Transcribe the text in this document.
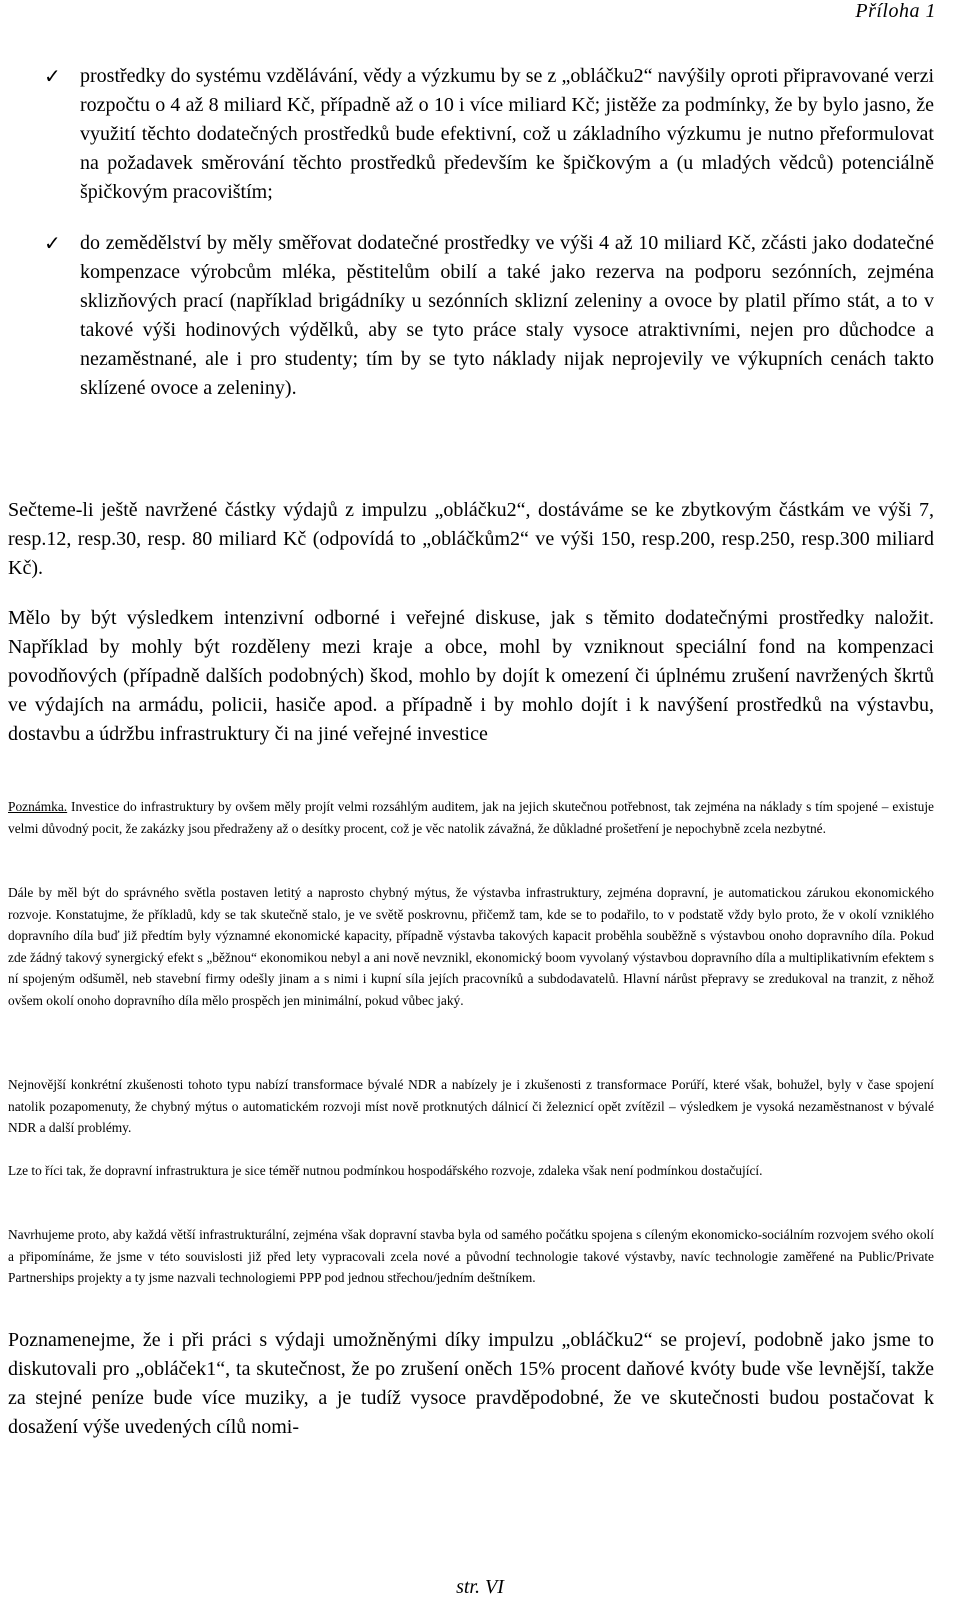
Příloha 1
✓ prostředky do systému vzdělávání, vědy a výzkumu by se z „obláčku2“ navýšily oproti připravované verzi rozpočtu o 4 až 8 miliard Kč, případně až o 10 i více miliard Kč; jistěže za podmínky, že by bylo jasno, že využití těchto dodatečných prostředků bude efektivní, což u základního výzkumu je nutno přeformulovat na požadavek směrování těchto prostředků především ke špičkovým a (u mladých vědců) potenciálně špičkovým pracovištím;
✓ do zemědělství by měly směřovat dodatečné prostředky ve výši 4 až 10 miliard Kč, zčásti jako dodatečné kompenzace výrobcům mléka, pěstitelům obilí a také jako rezerva na podporu sezónních, zejména sklizňových prací (například brigádníky u sezónních sklizní zeleniny a ovoce by platil přímo stát, a to v takové výši hodinových výdělků, aby se tyto práce staly vysoce atraktivními, nejen pro důchodce a nezaměstnané, ale i pro studenty; tím by se tyto náklady nijak neprojevily ve výkupních cenách takto sklízené ovoce a zeleniny).
Sečteme-li ještě navržené částky výdajů z impulzu „obláčku2“, dostáváme se ke zbytkovým částkám ve výši 7, resp.12, resp.30, resp. 80 miliard Kč (odpovídá to „obláčkům2“ ve výši 150, resp.200, resp.250, resp.300 miliard Kč).
Mělo by být výsledkem intenzivní odborné i veřejné diskuse, jak s těmito dodatečnými prostředky naložit. Například by mohly být rozděleny mezi kraje a obce, mohl by vzniknout speciální fond na kompenzaci povodňových (případně dalších podobných) škod, mohlo by dojít k omezení či úplnému zrušení navržených škrtů ve výdajích na armádu, policii, hasiče apod. a případně i by mohlo dojít i k navýšení prostředků na výstavbu, dostavbu a údržbu infrastruktury či na jiné veřejné investice
Poznámka. Investice do infrastruktury by ovšem měly projít velmi rozsáhlým auditem, jak na jejich skutečnou potřebnost, tak zejména na náklady s tím spojené – existuje velmi důvodný pocit, že zakázky jsou předraženy až o desítky procent, což je věc natolik závažná, že důkladné prošetření je nepochybně zcela nezbytné.
Dále by měl být do správného světla postaven letitý a naprosto chybný mýtus, že výstavba infrastruktury, zejména dopravní, je automatickou zárukou ekonomického rozvoje. Konstatujme, že příkladů, kdy se tak skutečně stalo, je ve světě poskrovnu, přičemž tam, kde se to podařilo, to v podstatě vždy bylo proto, že v okolí vzniklého dopravního díla buď již předtím byly významné ekonomické kapacity, případně výstavba takových kapacit proběhla souběžně s výstavbou onoho dopravního díla. Pokud zde žádný takový synergický efekt s „běžnou“ ekonomikou nebyl a ani nově nevznikl, ekonomický boom vyvolaný výstavbou dopravního díla a multiplikativním efektem s ní spojeným odšuměl, neb stavební firmy odešly jinam a s nimi i kupní síla jejích pracovníků a subdodavatelů. Hlavní nárůst přepravy se zredukoval na tranzit, z něhož ovšem okolí onoho dopravního díla mělo prospěch jen minimální, pokud vůbec jaký.
Nejnovější konkrétní zkušenosti tohoto typu nabízí transformace bývalé NDR a nabízely je i zkušenosti z transformace Porúří, které však, bohužel, byly v čase spojení natolik pozapomenuty, že chybný mýtus o automatickém rozvoji míst nově protknutých dálnicí či železnicí opět zvítězil – výsledkem je vysoká nezaměstnanost v bývalé NDR a další problémy.
Lze to říci tak, že dopravní infrastruktura je sice téměř nutnou podmínkou hospodářského rozvoje, zdaleka však není podmínkou dostačující.
Navrhujeme proto, aby každá větší infrastrukturální, zejména však dopravní stavba byla od samého počátku spojena s cíleným ekonomicko-sociálním rozvojem svého okolí a připomínáme, že jsme v této souvislosti již před lety vypracovali zcela nové a původní technologie takové výstavby, navíc technologie zaměřené na Public/Private Partnerships projekty a ty jsme nazvali technologiemi PPP pod jednou střechou/jedním deštníkem.
Poznamenejme, že i při práci s výdaji umožněnými díky impulzu „obláčku2“ se projeví, podobně jako jsme to diskutovali pro „obláček1“, ta skutečnost, že po zrušení oněch 15% procent daňové kvóty bude vše levnější, takže za stejné peníze bude více muziky, a je tudíž vysoce pravděpodobné, že ve skutečnosti budou postačovat k dosažení výše uvedených cílů nomi-
str. VI
